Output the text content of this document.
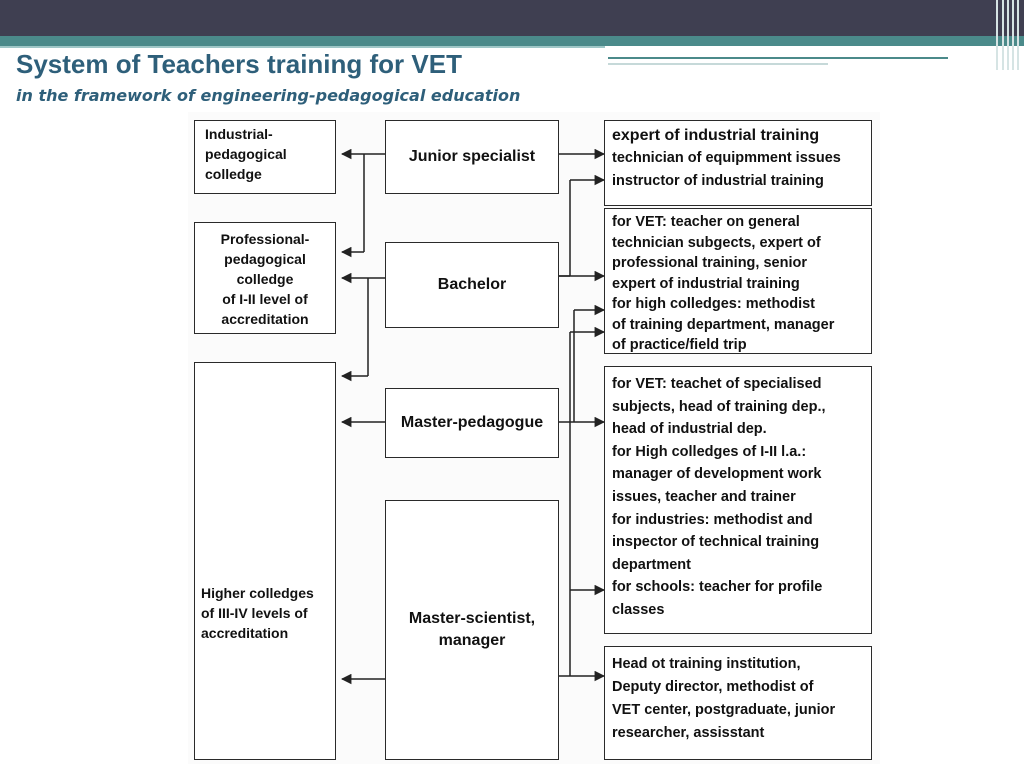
System of Teachers training for VET
in the framework of engineering-pedagogical education
Industrial-
pedagogical
colledge
Professional-
pedagogical
colledge
of I-II level of
accreditation
Higher colledges
of III-IV levels of
accreditation
Junior specialist
Bachelor
Master-pedagogue
Master-scientist,
manager
expert of industrial training
technician of equipmment issues
instructor of industrial training
for VET: teacher on general
technician subgects, expert of
professional training, senior
expert of industrial training
for high colledges: methodist
of training department, manager
of practice/field trip
for VET: teachet of specialised
subjects, head of training dep.,
head of industrial dep.
for High colledges of I-II l.a.:
manager of development work
issues, teacher and trainer
for industries: methodist and
inspector of technical training
department
for schools: teacher for profile
classes
Head ot training institution,
Deputy director, methodist of
VET center, postgraduate, junior
researcher, assisstant
